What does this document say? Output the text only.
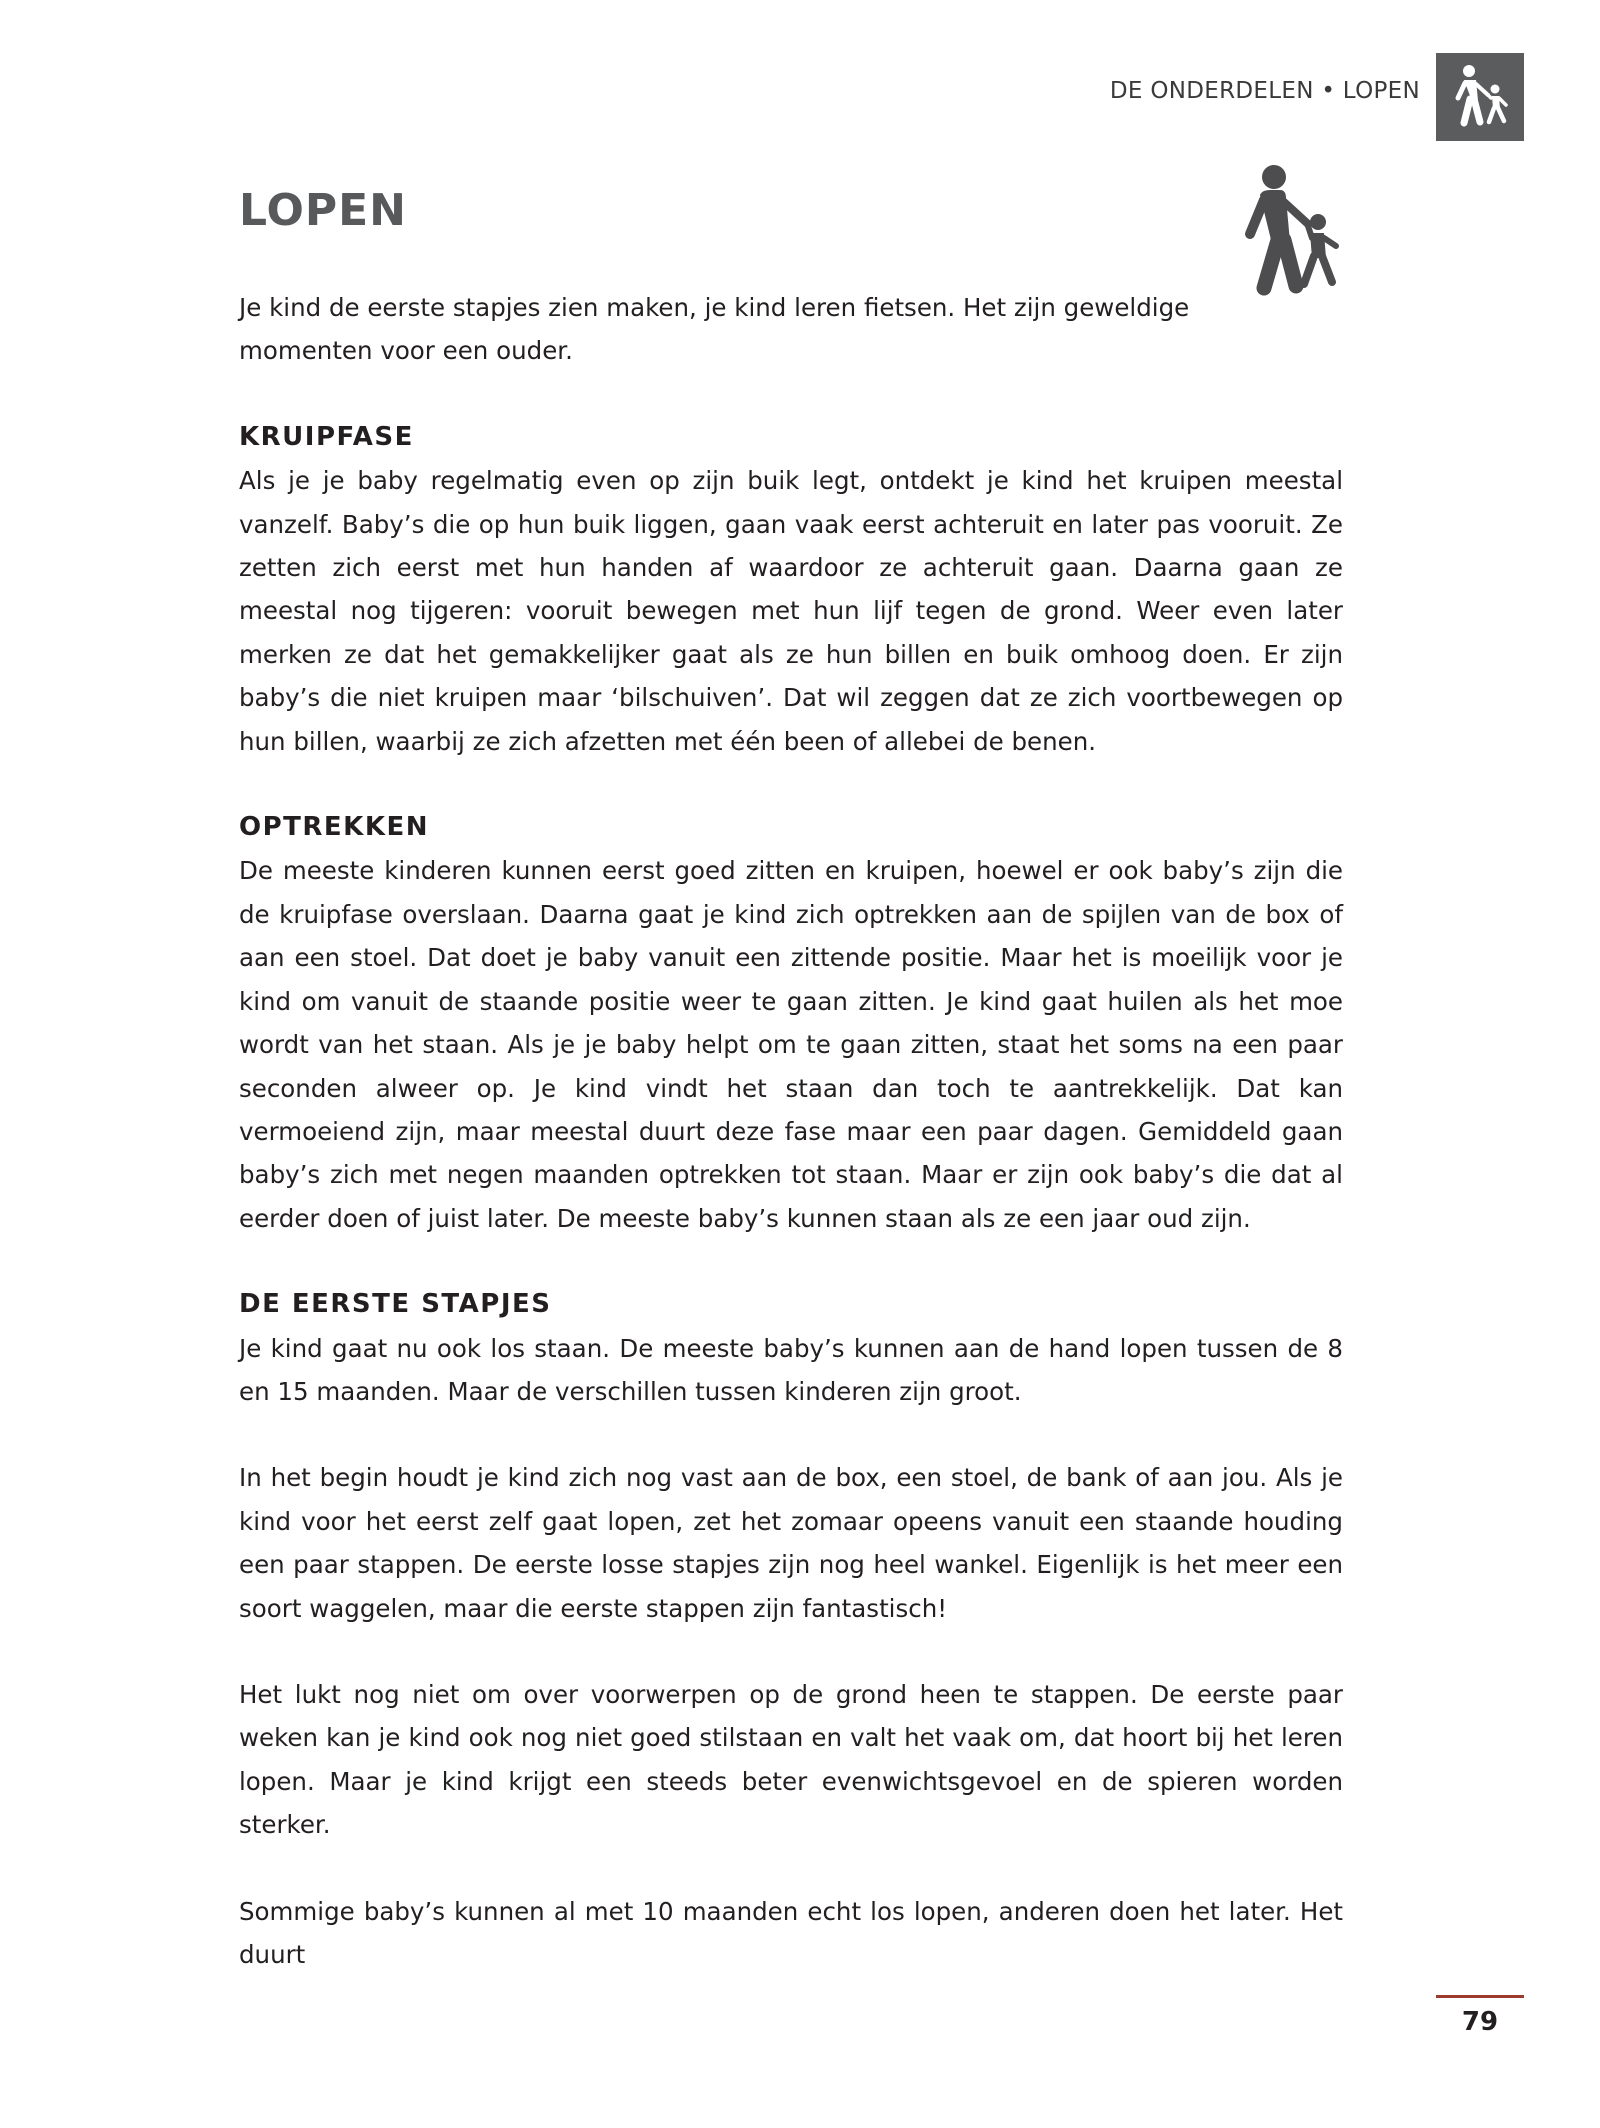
DE ONDERDELEN • LOPEN
LOPEN

Je kind de eerste stapjes zien maken, je kind leren fietsen. Het zijn geweldige momenten voor een ouder.

KRUIPFASE

Als je je baby regelmatig even op zijn buik legt, ontdekt je kind het kruipen meestal vanzelf. Baby’s die op hun buik liggen, gaan vaak eerst achteruit en later pas vooruit. Ze zetten zich eerst met hun handen af waardoor ze achteruit gaan. Daarna gaan ze meestal nog tijgeren: vooruit bewegen met hun lijf tegen de grond. Weer even later merken ze dat het gemakkelijker gaat als ze hun billen en buik omhoog doen. Er zijn baby’s die niet kruipen maar ‘bilschuiven’. Dat wil zeggen dat ze zich voortbewegen op hun billen, waarbij ze zich afzetten met één been of allebei de benen.

OPTREKKEN

De meeste kinderen kunnen eerst goed zitten en kruipen, hoewel er ook baby’s zijn die de kruipfase overslaan. Daarna gaat je kind zich optrekken aan de spijlen van de box of aan een stoel. Dat doet je baby vanuit een zittende positie. Maar het is moeilijk voor je kind om vanuit de staande positie weer te gaan zitten. Je kind gaat huilen als het moe wordt van het staan. Als je je baby helpt om te gaan zitten, staat het soms na een paar seconden alweer op. Je kind vindt het staan dan toch te aantrekkelijk. Dat kan vermoeiend zijn, maar meestal duurt deze fase maar een paar dagen. Gemiddeld gaan baby’s zich met negen maanden optrekken tot staan. Maar er zijn ook baby’s die dat al eerder doen of juist later. De meeste baby’s kunnen staan als ze een jaar oud zijn.

DE EERSTE STAPJES

Je kind gaat nu ook los staan. De meeste baby’s kunnen aan de hand lopen tussen de 8 en 15 maanden. Maar de verschillen tussen kinderen zijn groot.

In het begin houdt je kind zich nog vast aan de box, een stoel, de bank of aan jou. Als je kind voor het eerst zelf gaat lopen, zet het zomaar opeens vanuit een staande houding een paar stappen. De eerste losse stapjes zijn nog heel wankel. Eigenlijk is het meer een soort waggelen, maar die eerste stappen zijn fantastisch!

Het lukt nog niet om over voorwerpen op de grond heen te stappen. De eerste paar weken kan je kind ook nog niet goed stilstaan en valt het vaak om, dat hoort bij het leren lopen. Maar je kind krijgt een steeds beter evenwichtsgevoel en de spieren worden sterker.

Sommige baby’s kunnen al met 10 maanden echt los lopen, anderen doen het later. Het duurt

79
